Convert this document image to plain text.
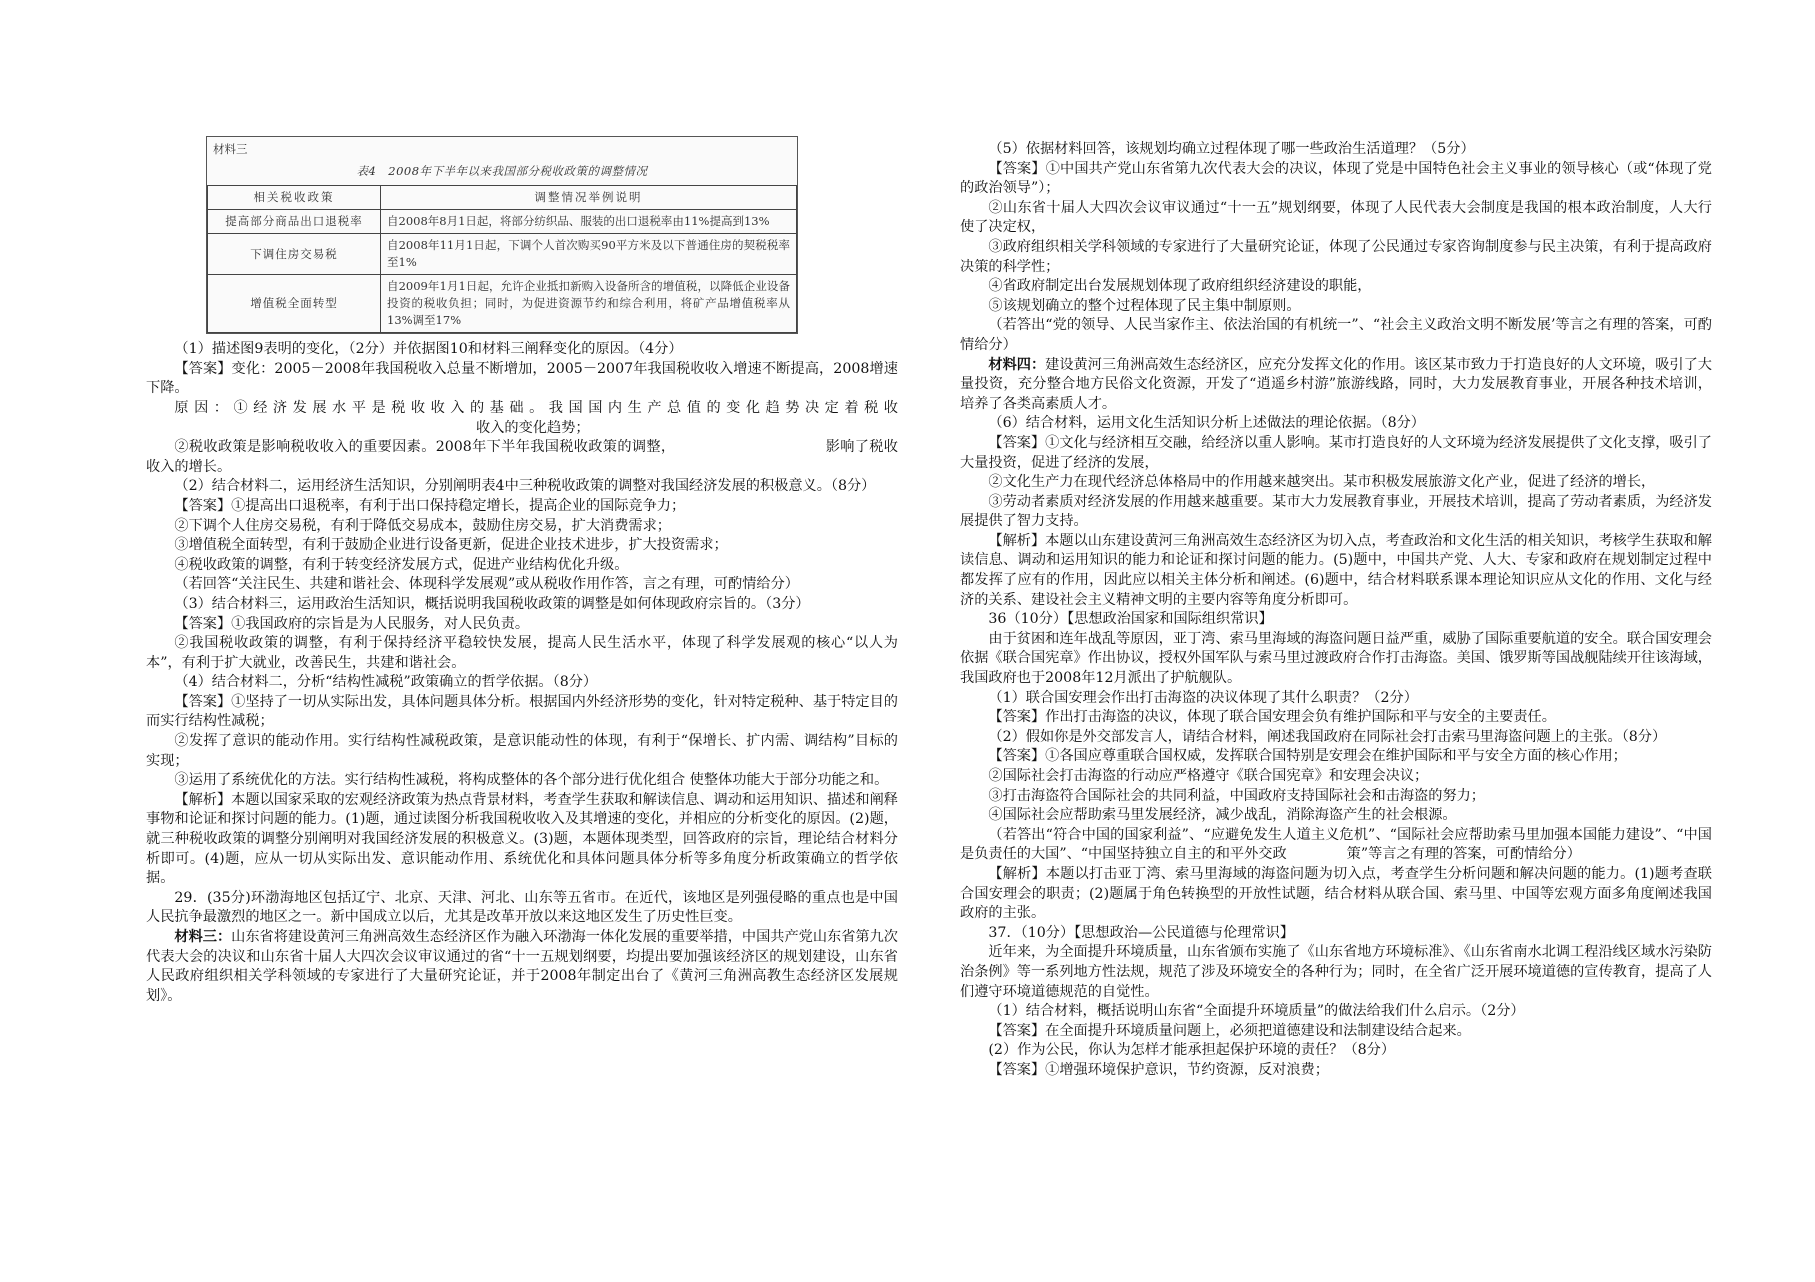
材料三
表4　2008年下半年以来我国部分税收政策的调整情况
相关税收政策	调整情况举例说明
提高部分商品出口退税率	自2008年8月1日起，将部分纺织品、服装的出口退税率由11%提高到13%
下调住房交易税	自2008年11月1日起，下调个人首次购买90平方米及以下普通住房的契税税率至1%
增值税全面转型	自2009年1月1日起，允许企业抵扣新购入设备所含的增值税，以降低企业设备投资的税收负担；同时，为促进资源节约和综合利用，将矿产品增值税率从13%调至17%

（1）描述图9表明的变化，（2分）并依据图10和材料三阐释变化的原因。（4分）

【答案】变化：2005－2008年我国税收入总量不断增加，2005－2007年我国税收收入增速不断提高，2008增速下降。

原因：①经济发展水平是税收收入的基础。我国国内生产总值的变化趋势决定着税收收入的变化趋势；

②税收政策是影响税收收入的重要因素。2008年下半年我国税收政策的调整，	影响了税收收入的增长。

（2）结合材料二，运用经济生活知识，分别阐明表4中三种税收政策的调整对我国经济发展的积极意义。（8分）

【答案】①提高出口退税率，有利于出口保持稳定增长，提高企业的国际竞争力；

②下调个人住房交易税，有利于降低交易成本，鼓励住房交易，扩大消费需求；

③增值税全面转型，有利于鼓励企业进行设备更新，促进企业技术进步，扩大投资需求；

④税收政策的调整，有利于转变经济发展方式，促进产业结构优化升级。

（若回答“关注民生、共建和谐社会、体现科学发展观”或从税收作用作答，言之有理，可酌情给分）

（3）结合材料三，运用政治生活知识，概括说明我国税收政策的调整是如何体现政府宗旨的。（3分）

【答案】①我国政府的宗旨是为人民服务，对人民负责。

②我国税收政策的调整，有利于保持经济平稳较快发展，提高人民生活水平，体现了科学发展观的核心“以人为本”，有利于扩大就业，改善民生，共建和谐社会。

（4）结合材料二，分析“结构性减税”政策确立的哲学依据。（8分）

【答案】①坚持了一切从实际出发，具体问题具体分析。根据国内外经济形势的变化，针对特定税种、基于特定目的而实行结构性减税；

②发挥了意识的能动作用。实行结构性减税政策，是意识能动性的体现，有利于“保增长、扩内需、调结构”目标的实现；

③运用了系统优化的方法。实行结构性减税，将构成整体的各个部分进行优化组合 使整体功能大于部分功能之和。

【解析】本题以国家采取的宏观经济政策为热点背景材料，考查学生获取和解读信息、调动和运用知识、描述和阐释事物和论证和探讨问题的能力。(1)题，通过读图分析我国税收收入及其增速的变化，并相应的分析变化的原因。(2)题，就三种税收政策的调整分别阐明对我国经济发展的积极意义。(3)题，本题体现类型，回答政府的宗旨，理论结合材料分析即可。(4)题，应从一切从实际出发、意识能动作用、系统优化和具体问题具体分析等多角度分析政策确立的哲学依据。

29．(35分)环渤海地区包括辽宁、北京、天津、河北、山东等五省市。在近代，该地区是列强侵略的重点也是中国人民抗争最激烈的地区之一。新中国成立以后，尤其是改革开放以来这地区发生了历史性巨变。

材料三：山东省将建设黄河三角洲高效生态经济区作为融入环渤海一体化发展的重要举措，中国共产党山东省第九次代表大会的决议和山东省十届人大四次会议审议通过的省“十一五规划纲要，均提出要加强该经济区的规划建设，山东省人民政府组织相关学科领域的专家进行了大量研究论证，并于2008年制定出台了《黄河三角洲高教生态经济区发展规划》。

（5）依据材料回答，该规划均确立过程体现了哪一些政治生活道理？（5分）

【答案】①中国共产党山东省第九次代表大会的决议，体现了党是中国特色社会主义事业的领导核心（或“体现了党的政治领导”）；

②山东省十届人大四次会议审议通过“十一五”规划纲要，体现了人民代表大会制度是我国的根本政治制度，人大行使了决定权，

③政府组织相关学科领域的专家进行了大量研究论证，体现了公民通过专家咨询制度参与民主决策，有利于提高政府决策的科学性；

④省政府制定出台发展规划体现了政府组织经济建设的职能，

⑤该规划确立的整个过程体现了民主集中制原则。

（若答出“党的领导、人民当家作主、依法治国的有机统一”、“社会主义政治文明不断发展’等言之有理的答案，可酌情给分）

材料四：建设黄河三角洲高效生态经济区，应充分发挥文化的作用。该区某市致力于打造良好的人文环境，吸引了大量投资，充分整合地方民俗文化资源，开发了“逍遥乡村游”旅游线路，同时，大力发展教育事业，开展各种技术培训，培养了各类高素质人才。

（6）结合材料，运用文化生活知识分析上述做法的理论依据。（8分）

【答案】①文化与经济相互交融，给经济以重人影响。某市打造良好的人文环境为经济发展提供了文化支撑，吸引了大量投资，促进了经济的发展，

②文化生产力在现代经济总体格局中的作用越来越突出。某市积极发展旅游文化产业，促进了经济的增长，

③劳动者素质对经济发展的作用越来越重要。某市大力发展教育事业，开展技术培训，提高了劳动者素质，为经济发展提供了智力支持。

【解析】本题以山东建设黄河三角洲高效生态经济区为切入点，考查政治和文化生活的相关知识，考核学生获取和解读信息、调动和运用知识的能力和论证和探讨问题的能力。(5)题中，中国共产党、人大、专家和政府在规划制定过程中都发挥了应有的作用，因此应以相关主体分析和阐述。(6)题中，结合材料联系课本理论知识应从文化的作用、文化与经济的关系、建设社会主义精神文明的主要内容等角度分析即可。

36（10分）【思想政治国家和国际组织常识】

由于贫困和连年战乱等原因，亚丁湾、索马里海域的海盗问题日益严重，威胁了国际重要航道的安全。联合国安理会依据《联合国宪章》作出协议，授权外国军队与索马里过渡政府合作打击海盗。美国、饿罗斯等国战舰陆续开往该海域，我国政府也于2008年12月派出了护航舰队。

（1）联合国安理会作出打击海盗的决议体现了其什么职责？（2分）

【答案】作出打击海盗的决议，体现了联合国安理会负有维护国际和平与安全的主要责任。

（2）假如你是外交部发言人，请结合材料，阐述我国政府在同际社会打击索马里海盗问题上的主张。（8分）

【答案】①各国应尊重联合国权威，发挥联合国特别是安理会在维护国际和平与安全方面的核心作用；

②国际社会打击海盗的行动应严格遵守《联合国宪章》和安理会决议；

③打击海盗符合国际社会的共同利益，中国政府支持国际社会和击海盗的努力；

④国际社会应帮助索马里发展经济，减少战乱，消除海盗产生的社会根源。

（若答出“符合中国的国家利益”、“应避免发生人道主义危机”、“国际社会应帮助索马里加强本国能力建设”、“中国是负责任的大国”、“中国坚持独立自主的和平外交政	策”等言之有理的答案，可酌情给分）

【解析】本题以打击亚丁湾、索马里海域的海盗问题为切入点，考查学生分析问题和解决问题的能力。(1)题考查联合国安理会的职责；(2)题属于角色转换型的开放性试题，结合材料从联合国、索马里、中国等宏观方面多角度阐述我国政府的主张。

37．（10分）【思想政治—公民道德与伦理常识】

近年来，为全面提升环境质量，山东省颁布实施了《山东省地方环境标准》、《山东省南水北调工程沿线区域水污染防治条例》等一系列地方性法规，规范了涉及环境安全的各种行为；同时，在全省广泛开展环境道德的宣传教育，提高了人们遵守环境道德规范的自觉性。

（1）结合材料，概括说明山东省“全面提升环境质量”的做法给我们什么启示。（2分）

【答案】在全面提升环境质量问题上，必须把道德建设和法制建设结合起来。

(2）作为公民，你认为怎样才能承担起保护环境的责任？（8分）

【答案】①增强环境保护意识，节约资源，反对浪费；
